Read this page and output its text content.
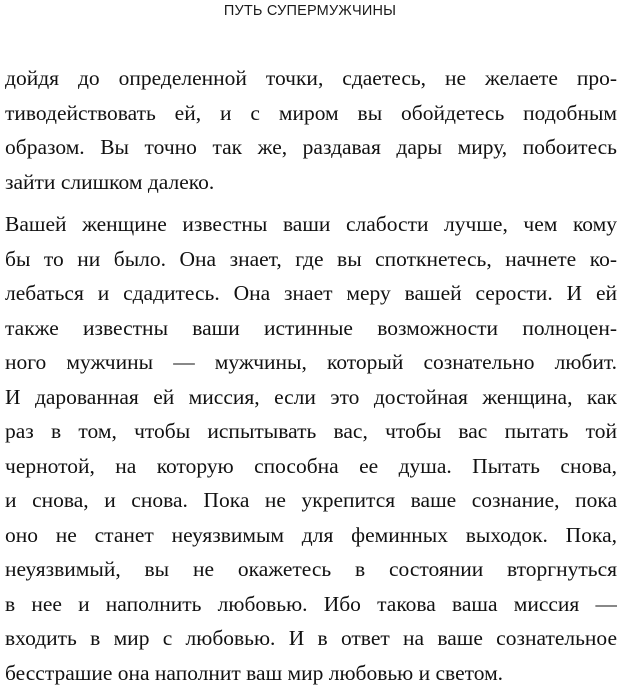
ПУТЬ СУПЕРМУЖЧИНЫ
дойдя до определенной точки, сдаетесь, не желаете про-
тиводействовать ей, и с миром вы обойдетесь подобным
образом. Вы точно так же, раздавая дары миру, побоитесь
зайти слишком далеко.
Вашей женщине известны ваши слабости лучше, чем кому
бы то ни было. Она знает, где вы споткнетесь, начнете ко-
лебаться и сдадитесь. Она знает меру вашей серости. И ей
также известны ваши истинные возможности полноцен-
ного мужчины — мужчины, который сознательно любит.
И дарованная ей миссия, если это достойная женщина, как
раз в том, чтобы испытывать вас, чтобы вас пытать той
чернотой, на которую способна ее душа. Пытать снова,
и снова, и снова. Пока не укрепится ваше сознание, пока
оно не станет неуязвимым для феминных выходок. Пока,
неуязвимый, вы не окажетесь в состоянии вторгнуться
в нее и наполнить любовью. Ибо такова ваша миссия —
входить в мир с любовью. И в ответ на ваше сознательное
бесстрашие она наполнит ваш мир любовью и светом.
